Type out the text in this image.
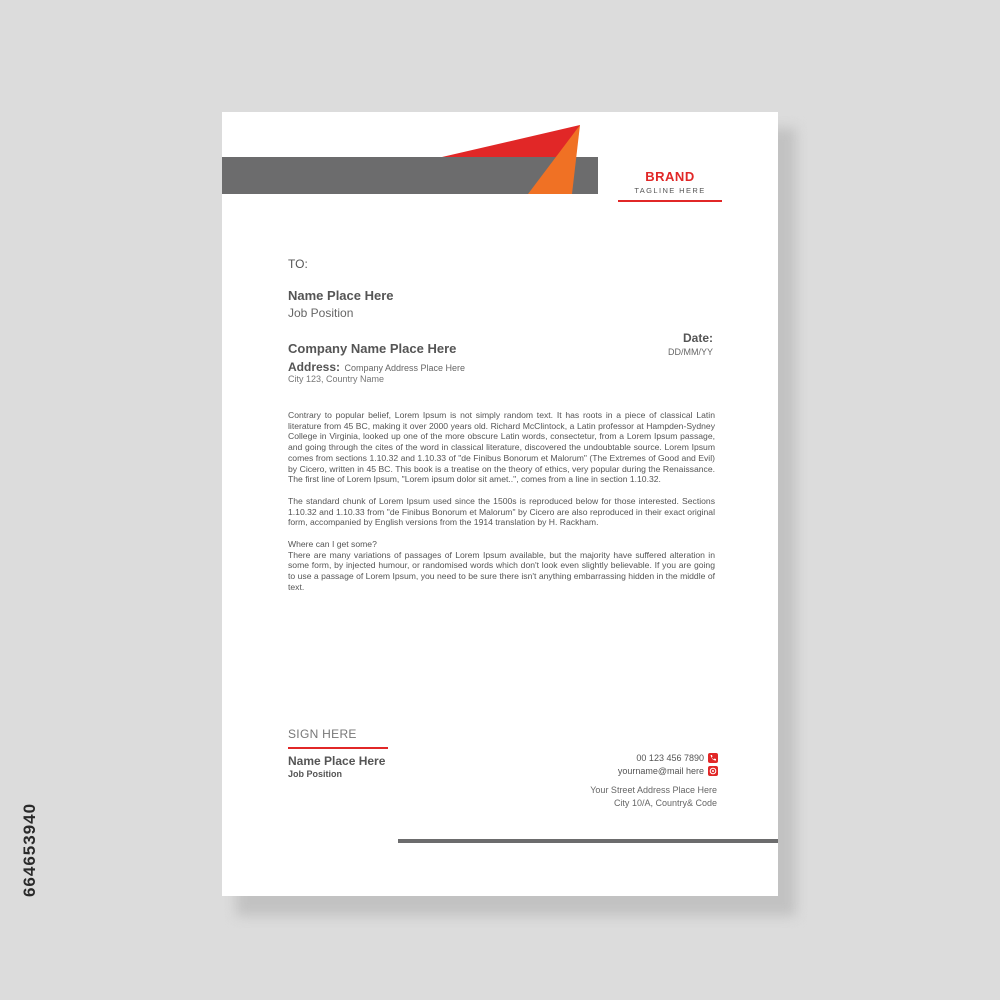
BRAND
TAGLINE HERE
TO:
Name Place Here
Job Position
Date:
DD/MM/YY
Company Name Place Here
Address: Company Address Place Here
City 123, Country Name

Contrary to popular belief, Lorem Ipsum is not simply random text. It has roots in a piece of classical Latin literature from 45 BC, making it over 2000 years old. Richard McClintock, a Latin professor at Hampden-Sydney College in Virginia, looked up one of the more obscure Latin words, consectetur, from a Lorem Ipsum passage, and going through the cites of the word in classical literature, discovered the undoubtable source. Lorem Ipsum comes from sections 1.10.32 and 1.10.33 of "de Finibus Bonorum et Malorum" (The Extremes of Good and Evil) by Cicero, written in 45 BC. This book is a treatise on the theory of ethics, very popular during the Renaissance. The first line of Lorem Ipsum, "Lorem ipsum dolor sit amet..", comes from a line in section 1.10.32.

The standard chunk of Lorem Ipsum used since the 1500s is reproduced below for those interested. Sections 1.10.32 and 1.10.33 from "de Finibus Bonorum et Malorum" by Cicero are also reproduced in their exact original form, accompanied by English versions from the 1914 translation by H. Rackham.

Where can I get some?

There are many variations of passages of Lorem Ipsum available, but the majority have suffered alteration in some form, by injected humour, or randomised words which don't look even slightly believable. If you are going to use a passage of Lorem Ipsum, you need to be sure there isn't anything embarrassing hidden in the middle of text.

SIGN HERE
Name Place Here
Job Position
00 123 456 7890
yourname@mail here
Your Street Address Place Here
City 10/A, Country& Code
664653940
